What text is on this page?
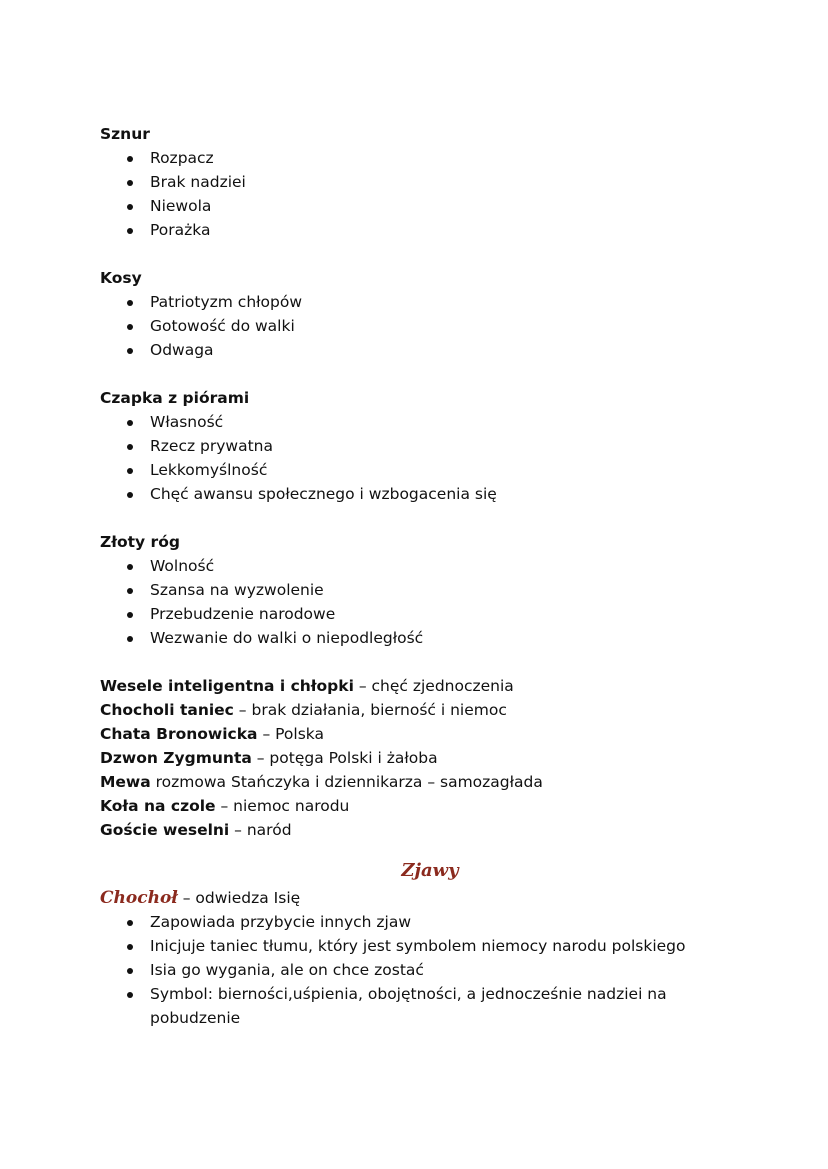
Sznur
Rozpacz
Brak nadziei
Niewola
Porażka
Kosy
Patriotyzm chłopów
Gotowość do walki
Odwaga
Czapka z piórami
Własność
Rzecz prywatna
Lekkomyślność
Chęć awansu społecznego i wzbogacenia się
Złoty róg
Wolność
Szansa na wyzwolenie
Przebudzenie narodowe
Wezwanie do walki o niepodległość
Wesele inteligentna i chłopki – chęć zjednoczenia
Chocholi taniec – brak działania, bierność i niemoc
Chata Bronowicka – Polska
Dzwon Zygmunta – potęga Polski i żałoba
Mewa rozmowa Stańczyka i dziennikarza – samozagłada
Koła na czole – niemoc narodu
Goście weselni – naród
Zjawy
Chochoł – odwiedza Isię
Zapowiada przybycie innych zjaw
Inicjuje taniec tłumu, który jest symbolem niemocy narodu polskiego
Isia go wygania, ale on chce zostać
Symbol: bierności,uśpienia, obojętności, a jednocześnie nadziei na pobudzenie
